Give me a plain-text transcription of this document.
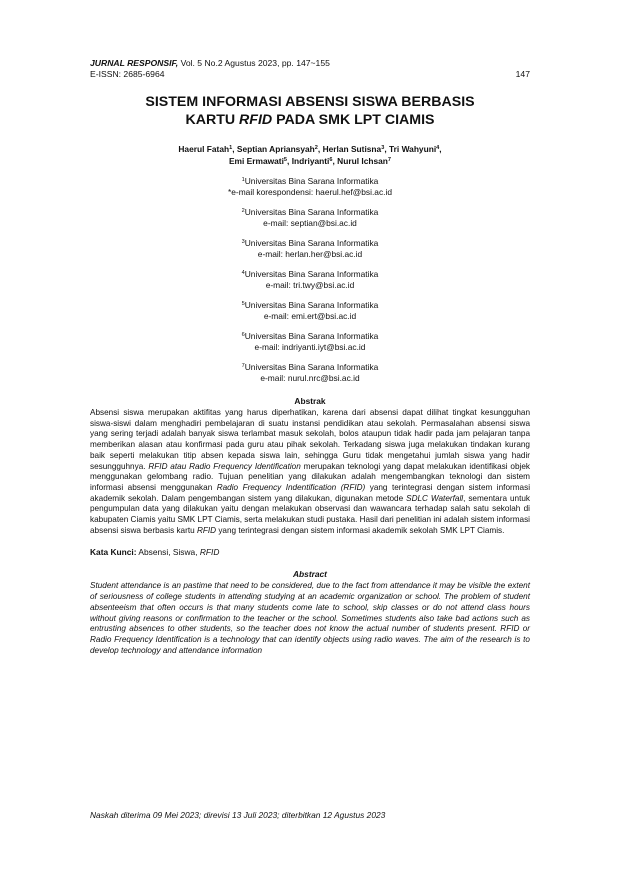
JURNAL RESPONSIF, Vol. 5 No.2 Agustus 2023, pp. 147~155
E-ISSN: 2685-6964	147
SISTEM INFORMASI ABSENSI SISWA BERBASIS
KARTU RFID PADA SMK LPT CIAMIS
Haerul Fatah$^1$, Septian Apriansyah$^2$, Herlan Sutisna$^3$, Tri Wahyuni$^4$,
Emi Ermawati$^5$, Indriyanti$^6$, Nurul Ichsan$^7$
$^1$Universitas Bina Sarana Informatika
*e-mail korespondensi: haerul.hef@bsi.ac.id
$^2$Universitas Bina Sarana Informatika
e-mail: septian@bsi.ac.id
$^3$Universitas Bina Sarana Informatika
e-mail: herlan.her@bsi.ac.id
$^4$Universitas Bina Sarana Informatika
e-mail: tri.twy@bsi.ac.id
$^5$Universitas Bina Sarana Informatika
e-mail: emi.ert@bsi.ac.id
$^6$Universitas Bina Sarana Informatika
e-mail: indriyanti.iyt@bsi.ac.id
$^7$Universitas Bina Sarana Informatika
e-mail: nurul.nrc@bsi.ac.id
Abstrak

Absensi siswa merupakan aktifitas yang harus diperhatikan, karena dari absensi dapat dilihat tingkat kesungguhan siswa-siswi dalam menghadiri pembelajaran di suatu instansi pendidikan atau sekolah. Permasalahan absensi siswa yang sering terjadi adalah banyak siswa terlambat masuk sekolah, bolos ataupun tidak hadir pada jam pelajaran tanpa memberikan alasan atau konfirmasi pada guru atau pihak sekolah. Terkadang siswa juga melakukan tindakan kurang baik seperti melakukan titip absen kepada siswa lain, sehingga Guru tidak mengetahui jumlah siswa yang hadir sesungguhnya. RFID atau Radio Frequency Identification merupakan teknologi yang dapat melakukan identifikasi objek menggunakan gelombang radio. Tujuan penelitian yang dilakukan adalah mengembangkan teknologi dan sistem informasi absensi menggunakan Radio Frequency Indentification (RFID) yang terintegrasi dengan sistem informasi akademik sekolah. Dalam pengembangan sistem yang dilakukan, digunakan metode SDLC Waterfall, sementara untuk pengumpulan data yang dilakukan yaitu dengan melakukan observasi dan wawancara terhadap salah satu sekolah di kabupaten Ciamis yaitu SMK LPT Ciamis, serta melakukan studi pustaka. Hasil dari penelitian ini adalah sistem informasi absensi siswa berbasis kartu RFID yang terintegrasi dengan sistem informasi akademik sekolah SMK LPT Ciamis.

Kata Kunci: Absensi, Siswa, RFID
Abstract

Student attendance is an pastime that need to be considered, due to the fact from attendance it may be visible the extent of seriousness of college students in attending studying at an academic organization or school. The problem of student absenteeism that often occurs is that many students come late to school, skip classes or do not attend class hours without giving reasons or confirmation to the teacher or the school. Sometimes students also take bad actions such as entrusting absences to other students, so the teacher does not know the actual number of students present. RFID or Radio Frequency Identification is a technology that can identify objects using radio waves. The aim of the research is to develop technology and attendance information

Naskah diterima 09 Mei 2023; direvisi 13 Juli 2023; diterbitkan 12 Agustus 2023
